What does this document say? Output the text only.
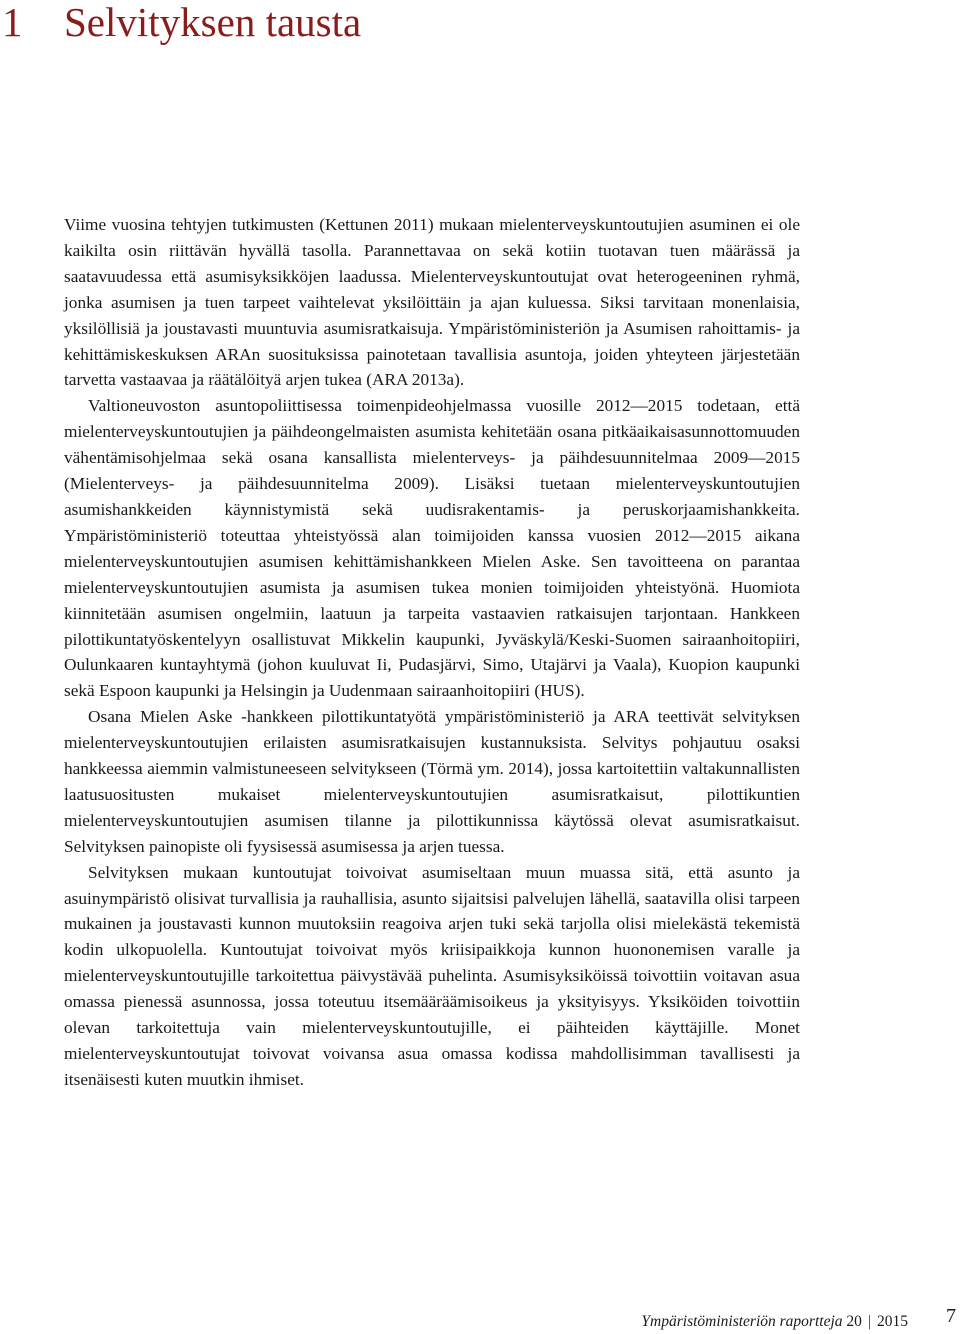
1 Selvityksen tausta

Viime vuosina tehtyjen tutkimusten (Kettunen 2011) mukaan mielenterveyskuntoutujien asuminen ei ole kaikilta osin riittävän hyvällä tasolla. Parannettavaa on sekä kotiin tuotavan tuen määrässä ja saatavuudessa että asumisyksikköjen laadussa. Mielenterveyskuntoutujat ovat heterogeeninen ryhmä, jonka asumisen ja tuen tarpeet vaihtelevat yksilöittäin ja ajan kuluessa. Siksi tarvitaan monenlaisia, yksilöllisiä ja joustavasti muuntuvia asumisratkaisuja. Ympäristöministeriön ja Asumisen rahoittamis- ja kehittämiskeskuksen ARAn suosituksissa painotetaan tavallisia asuntoja, joiden yhteyteen järjestetään tarvetta vastaavaa ja räätälöityä arjen tukea (ARA 2013a).

Valtioneuvoston asuntopoliittisessa toimenpideohjelmassa vuosille 2012—2015 todetaan, että mielenterveyskuntoutujien ja päihdeongelmaisten asumista kehitetään osana pitkäaikaisasunnottomuuden vähentämisohjelmaa sekä osana kansallista mielenterveys- ja päihdesuunnitelmaa 2009—2015 (Mielenterveys- ja päihdesuunnitelma 2009). Lisäksi tuetaan mielenterveyskuntoutujien asumishankkeiden käynnistymistä sekä uudisrakentamis- ja peruskorjaamishankkeita. Ympäristöministeriö toteuttaa yhteistyössä alan toimijoiden kanssa vuosien 2012—2015 aikana mielenterveyskuntoutujien asumisen kehittämishankkeen Mielen Aske. Sen tavoitteena on parantaa mielenterveyskuntoutujien asumista ja asumisen tukea monien toimijoiden yhteistyönä. Huomiota kiinnitetään asumisen ongelmiin, laatuun ja tarpeita vastaavien ratkaisujen tarjontaan. Hankkeen pilottikuntatyöskentelyyn osallistuvat Mikkelin kaupunki, Jyväskylä/Keski-Suomen sairaanhoitopiiri, Oulunkaaren kuntayhtymä (johon kuuluvat Ii, Pudasjärvi, Simo, Utajärvi ja Vaala), Kuopion kaupunki sekä Espoon kaupunki ja Helsingin ja Uudenmaan sairaanhoitopiiri (HUS).

Osana Mielen Aske -hankkeen pilottikuntatyötä ympäristöministeriö ja ARA teettivät selvityksen mielenterveyskuntoutujien erilaisten asumisratkaisujen kustannuksista. Selvitys pohjautuu osaksi hankkeessa aiemmin valmistuneeseen selvitykseen (Törmä ym. 2014), jossa kartoitettiin valtakunnallisten laatusuositusten mukaiset mielenterveyskuntoutujien asumisratkaisut, pilottikuntien mielenterveyskuntoutujien asumisen tilanne ja pilottikunnissa käytössä olevat asumisratkaisut. Selvityksen painopiste oli fyysisessä asumisessa ja arjen tuessa.

Selvityksen mukaan kuntoutujat toivoivat asumiseltaan muun muassa sitä, että asunto ja asuinympäristö olisivat turvallisia ja rauhallisia, asunto sijaitsisi palvelujen lähellä, saatavilla olisi tarpeen mukainen ja joustavasti kunnon muutoksiin reagoiva arjen tuki sekä tarjolla olisi mielekästä tekemistä kodin ulkopuolella. Kuntoutujat toivoivat myös kriisipaikkoja kunnon huononemisen varalle ja mielenterveyskuntoutujille tarkoitettua päivystävää puhelinta. Asumisyksiköissä toivottiin voitavan asua omassa pienessä asunnossa, jossa toteutuu itsemääräämisoikeus ja yksityisyys. Yksiköiden toivottiin olevan tarkoitettuja vain mielenterveyskuntoutujille, ei päihteiden käyttäjille. Monet mielenterveyskuntoutujat toivovat voivansa asua omassa kodissa mahdollisimman tavallisesti ja itsenäisesti kuten muutkin ihmiset.

Ympäristöministeriön raportteja 20 | 2015 7
